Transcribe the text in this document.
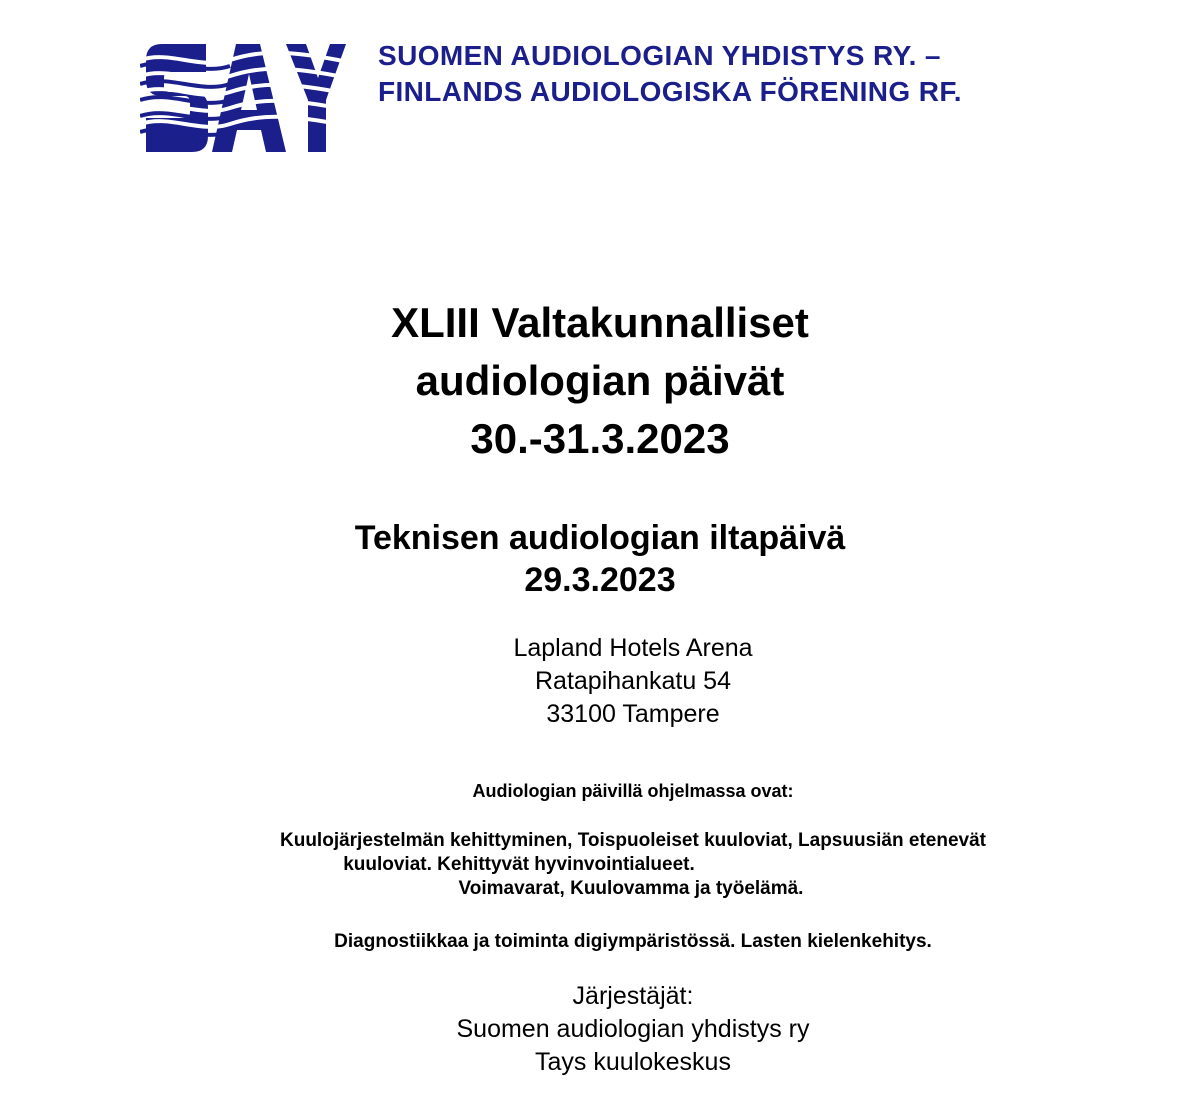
SUOMEN AUDIOLOGIAN YHDISTYS RY. –
FINLANDS AUDIOLOGISKA FÖRENING RF.
XLIII Valtakunnalliset
audiologian päivät
30.-31.3.2023
Teknisen audiologian iltapäivä
29.3.2023
Lapland Hotels Arena
Ratapihankatu 54
33100 Tampere
Audiologian päivillä ohjelmassa ovat:
Kuulojärjestelmän kehittyminen, Toispuoleiset kuuloviat, Lapsuusiän etenevät
kuuloviat. Kehittyvät hyvinvointialueet.
Voimavarat, Kuulovamma ja työelämä.
Diagnostiikkaa ja toiminta digiympäristössä. Lasten kielenkehitys.
Järjestäjät:
Suomen audiologian yhdistys ry
Tays kuulokeskus
